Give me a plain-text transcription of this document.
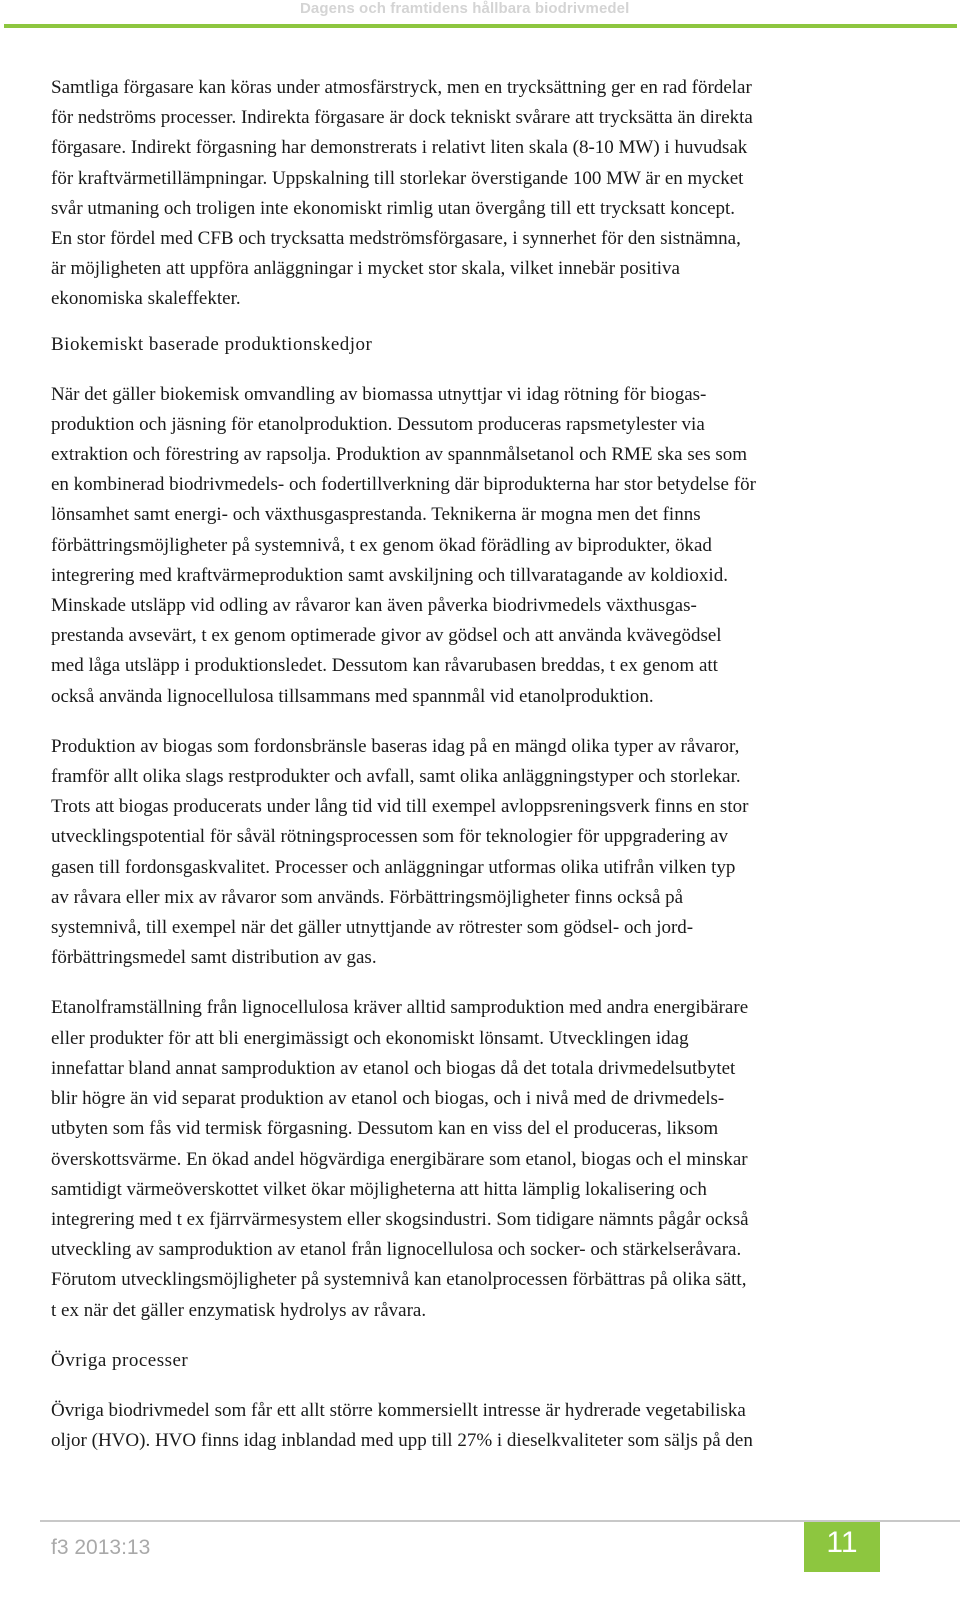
Dagens och framtidens hållbara biodrivmedel
Samtliga förgasare kan köras under atmosfärstryck, men en trycksättning ger en rad fördelar
för nedströms processer. Indirekta förgasare är dock tekniskt svårare att trycksätta än direkta
förgasare. Indirekt förgasning har demonstrerats i relativt liten skala (8-10 MW) i huvudsak
för kraftvärmetillämpningar. Uppskalning till storlekar överstigande 100 MW är en mycket
svår utmaning och troligen inte ekonomiskt rimlig utan övergång till ett trycksatt koncept.
En stor fördel med CFB och trycksatta medströmsförgasare, i synnerhet för den sistnämna,
är möjligheten att uppföra anläggningar i mycket stor skala, vilket innebär positiva
ekonomiska skaleffekter.
Biokemiskt baserade produktionskedjor
När det gäller biokemisk omvandling av biomassa utnyttjar vi idag rötning för biogas-
produktion och jäsning för etanolproduktion. Dessutom produceras rapsmetylester via
extraktion och förestring av rapsolja. Produktion av spannmålsetanol och RME ska ses som
en kombinerad biodrivmedels- och fodertillverkning där biprodukterna har stor betydelse för
lönsamhet samt energi- och växthusgasprestanda. Teknikerna är mogna men det finns
förbättringsmöjligheter på systemnivå, t ex genom ökad förädling av biprodukter, ökad
integrering med kraftvärmeproduktion samt avskiljning och tillvaratagande av koldioxid.
Minskade utsläpp vid odling av råvaror kan även påverka biodrivmedels växthusgas-
prestanda avsevärt, t ex genom optimerade givor av gödsel och att använda kvävegödsel
med låga utsläpp i produktionsledet. Dessutom kan råvarubasen breddas, t ex genom att
också använda lignocellulosa tillsammans med spannmål vid etanolproduktion.
Produktion av biogas som fordonsbränsle baseras idag på en mängd olika typer av råvaror,
framför allt olika slags restprodukter och avfall, samt olika anläggningstyper och storlekar.
Trots att biogas producerats under lång tid vid till exempel avloppsreningsverk finns en stor
utvecklingspotential för såväl rötningsprocessen som för teknologier för uppgradering av
gasen till fordonsgaskvalitet. Processer och anläggningar utformas olika utifrån vilken typ
av råvara eller mix av råvaror som används. Förbättringsmöjligheter finns också på
systemnivå, till exempel när det gäller utnyttjande av rötrester som gödsel- och jord-
förbättringsmedel samt distribution av gas.
Etanolframställning från lignocellulosa kräver alltid samproduktion med andra energibärare
eller produkter för att bli energimässigt och ekonomiskt lönsamt. Utvecklingen idag
innefattar bland annat samproduktion av etanol och biogas då det totala drivmedelsutbytet
blir högre än vid separat produktion av etanol och biogas, och i nivå med de drivmedels-
utbyten som fås vid termisk förgasning. Dessutom kan en viss del el produceras, liksom
överskottsvärme. En ökad andel högvärdiga energibärare som etanol, biogas och el minskar
samtidigt värmeöverskottet vilket ökar möjligheterna att hitta lämplig lokalisering och
integrering med t ex fjärrvärmesystem eller skogsindustri. Som tidigare nämnts pågår också
utveckling av samproduktion av etanol från lignocellulosa och socker- och stärkelseråvara.
Förutom utvecklingsmöjligheter på systemnivå kan etanolprocessen förbättras på olika sätt,
t ex när det gäller enzymatisk hydrolys av råvara.
Övriga processer
Övriga biodrivmedel som får ett allt större kommersiellt intresse är hydrerade vegetabiliska
oljor (HVO). HVO finns idag inblandad med upp till 27% i dieselkvaliteter som säljs på den
f3 2013:13	11
